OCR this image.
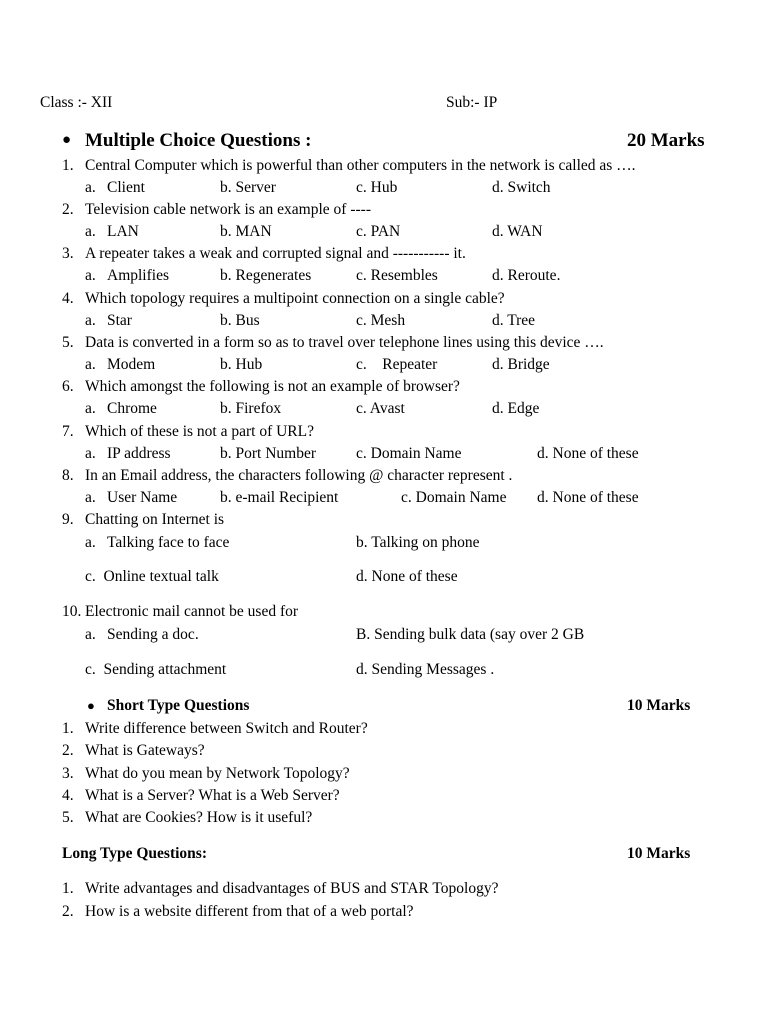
Class :- XII	Sub:- IP
● Multiple Choice Questions :	20 Marks
1. Central Computer which is powerful than other computers in the network is called as ….
a. Client	b. Server	c. Hub	d. Switch
2. Television cable network is an example of ----
a. LAN	b. MAN	c. PAN	d. WAN
3. A repeater takes a weak and corrupted signal and ----------- it.
a. Amplifies	b. Regenerates	c. Resembles	d. Reroute.
4. Which topology requires a multipoint connection on a single cable?
a. Star	b. Bus	c. Mesh	d. Tree
5. Data is converted in a form so as to travel over telephone lines using this device ….
a. Modem	b. Hub	c.    Repeater	d. Bridge
6. Which amongst the following is not an example of browser?
a. Chrome	b. Firefox	c. Avast	d. Edge
7. Which of these is not a part of URL?
a. IP address	b. Port Number	c. Domain Name	d. None of these
8. In an Email address, the characters following @ character represent .
a. User Name	b. e-mail Recipient	c. Domain Name d. None of these
9. Chatting on Internet is
a. Talking face to face	b. Talking on phone
c.  Online textual talk	d. None of these
10. Electronic mail cannot be used for
a. Sending a doc.	B. Sending bulk data (say over 2 GB
c.  Sending attachment	d. Sending Messages .
● Short Type Questions	10 Marks
1. Write difference between Switch and Router?
2. What is Gateways?
3. What do you mean by Network Topology?
4. What is a Server? What is a Web Server?
5. What are Cookies? How is it useful?
Long Type Questions:	10 Marks
1. Write advantages and disadvantages of BUS and STAR Topology?
2. How is a website different from that of a web portal?
